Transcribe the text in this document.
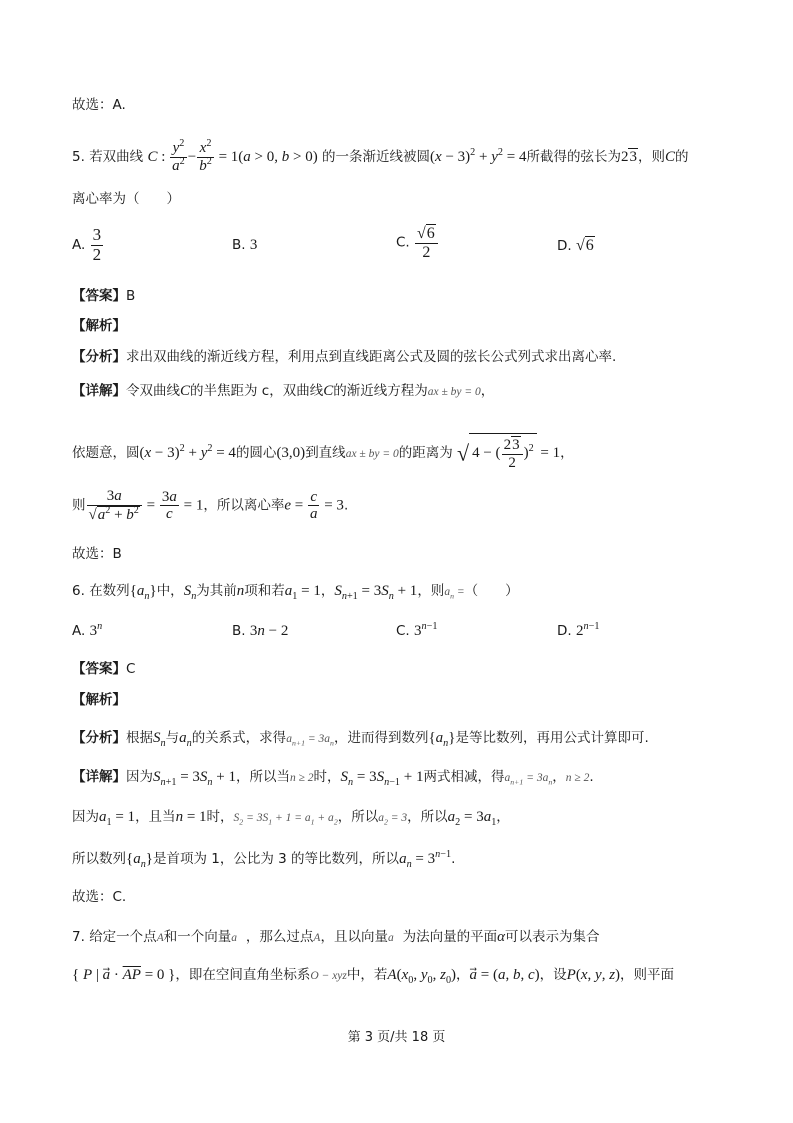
故选：A.
5. 若双曲线 C : $\frac{y^2}{a^2} - \frac{x^2}{b^2} = 1(a > 0$, b > 0) 的一条渐近线被圆$(x - 3)^2 + y^2 = 4$所截得的弦长为23，则C的
离心率为（　　）
A. $\frac{3}{2}$	B. 3	C. $\frac{√6}{2}$	D. √6
【答案】B
【解析】
【分析】求出双曲线的渐近线方程，利用点到直线距离公式及圆的弦长公式列式求出离心率.
【详解】令双曲线C的半焦距为 c，双曲线C的渐近线方程为ax ± by = 0，
依题意，圆$(x - 3)^2 + y^2 = 4$的圆心(3,0)到直线ax ± by = 0的距离为 √ 4 − ( $\frac{23}{2} )^2 = 1$，
则 $\frac{3a}{√a^2 + b^2} = \frac{3a}{c} = 1$，所以离心率$e = \frac{c}{a} = 3$.
故选：B
6. 在数列$\{a_n\}$中，$S_n$为其前n项和若$a_1 = 1$，$S_{n+1} = 3S_n + 1$，则$a_n$ =（　　）
A. 3$^n$	B. 3n − 2	C. $3^{n-1}$	D. $2^{n-1}$
【答案】C
【解析】
【分析】根据$S_n$与$a_n$的关系式，求得$a_{n+1} = 3a_n$，进而得到数列$\{a_n\}$是等比数列，再用公式计算即可.
【详解】因为$S_{n+1} = 3S_n + 1$，所以当n ≥ 2时，$S_n = 3S_{n-1} + 1$两式相减，得$a_{n+1} = 3a_n$，n ≥ 2.
因为$a_1 = 1$，且当n = 1时，$S_2 = 3S_1 + 1 = a_1 + a_2$，所以$a_2 = 3$，所以$a_2 = 3a_1$，
所以数列$\{a_n\}$是首项为 1，公比为 3 的等比数列，所以$a_n = 3^{n-1}$.
故选：C.
7. 给定一个点A和一个向量a⃗，那么过点A，且以向量a⃗为法向量的平面α可以表示为集合
{ P | a⃗ · $\overline{AP} = 0$ }，即在空间直角坐标系O − xyz中，若$A(x_0$, $y_0$, $z_0$)，a⃗ = (a, b, c)，设P(x, y, z)，则平面
第 3 页/共 18 页
